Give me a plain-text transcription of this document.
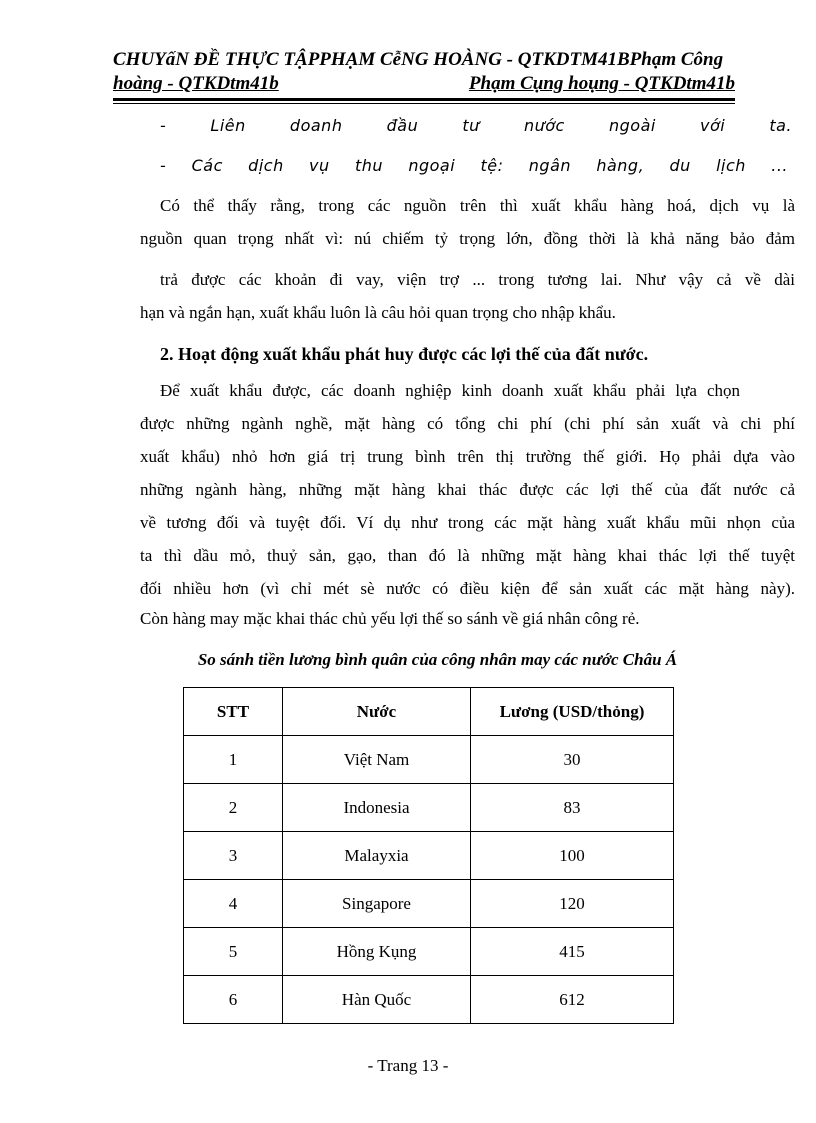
CHUYấN ĐỀ THỰC TẬPPHẠM CễNG HOÀNG - QTKDTM41BPhạm Công
hoàng - QTKDtm41b	Phạm Cụng hoụng - QTKDtm41b
- Liên doanh đầu tư nước ngoài với ta.
- Các dịch vụ thu ngoại tệ: ngân hàng, du lịch ...
Có thể thấy rằng, trong các nguồn trên thì xuất khẩu hàng hoá, dịch vụ là
nguồn quan trọng nhất vì: nú chiếm tỷ trọng lớn, đồng thời là khả năng bảo đảm
trả được các khoản đi vay, viện trợ ... trong tương lai. Như vậy cả về dài
hạn và ngắn hạn, xuất khẩu luôn là câu hỏi quan trọng cho nhập khẩu.
2. Hoạt động xuất khẩu phát huy được các lợi thế của đất nước.
Để xuất khẩu được, các doanh nghiệp kinh doanh xuất khẩu phải lựa chọn
được những ngành nghề, mặt hàng có tổng chi phí (chi phí sản xuất và chi phí
xuất khẩu) nhỏ hơn giá trị trung bình trên thị trường thế giới. Họ phải dựa vào
những ngành hàng, những mặt hàng khai thác được các lợi thế của đất nước cả
về tương đối và tuyệt đối. Ví dụ như trong các mặt hàng xuất khẩu mũi nhọn của
ta thì dầu mỏ, thuỷ sản, gạo, than đó là những mặt hàng khai thác lợi thế tuyệt
đối nhiều hơn (vì chỉ mét sè nước có điều kiện để sản xuất các mặt hàng này).
Còn hàng may mặc khai thác chủ yếu lợi thế so sánh về giá nhân công rẻ.
So sánh tiền lương bình quân của công nhân may các nước Châu Á
STT	Nước	Lương (USD/thỏng)
1	Việt Nam	30
2	Indonesia	83
3	Malayxia	100
4	Singapore	120
5	Hồng Kụng	415
6	Hàn Quốc	612
- Trang 13 -
